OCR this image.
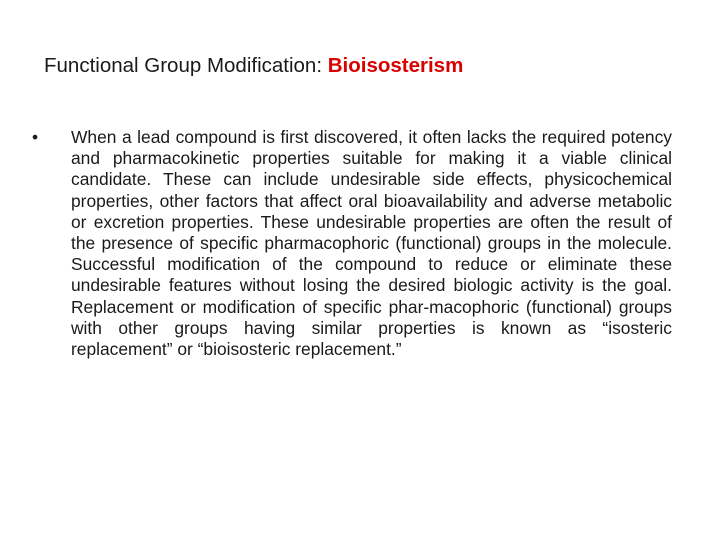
Functional Group Modification: Bioisosterism
•	When a lead compound is first discovered, it often lacks the required potency and pharmacokinetic properties suitable for making it a viable clinical candidate. These can include undesirable side effects, physicochemical properties, other factors that affect oral bioavailability and adverse metabolic or excretion properties. These undesirable properties are often the result of the presence of specific pharmacophoric (functional) groups in the molecule. Successful modification of the compound to reduce or eliminate these undesirable features without losing the desired biologic activity is the goal. Replacement or modification of specific phar-macophoric (functional) groups with other groups having similar properties is known as “isosteric replacement” or “bioisosteric replacement.”
